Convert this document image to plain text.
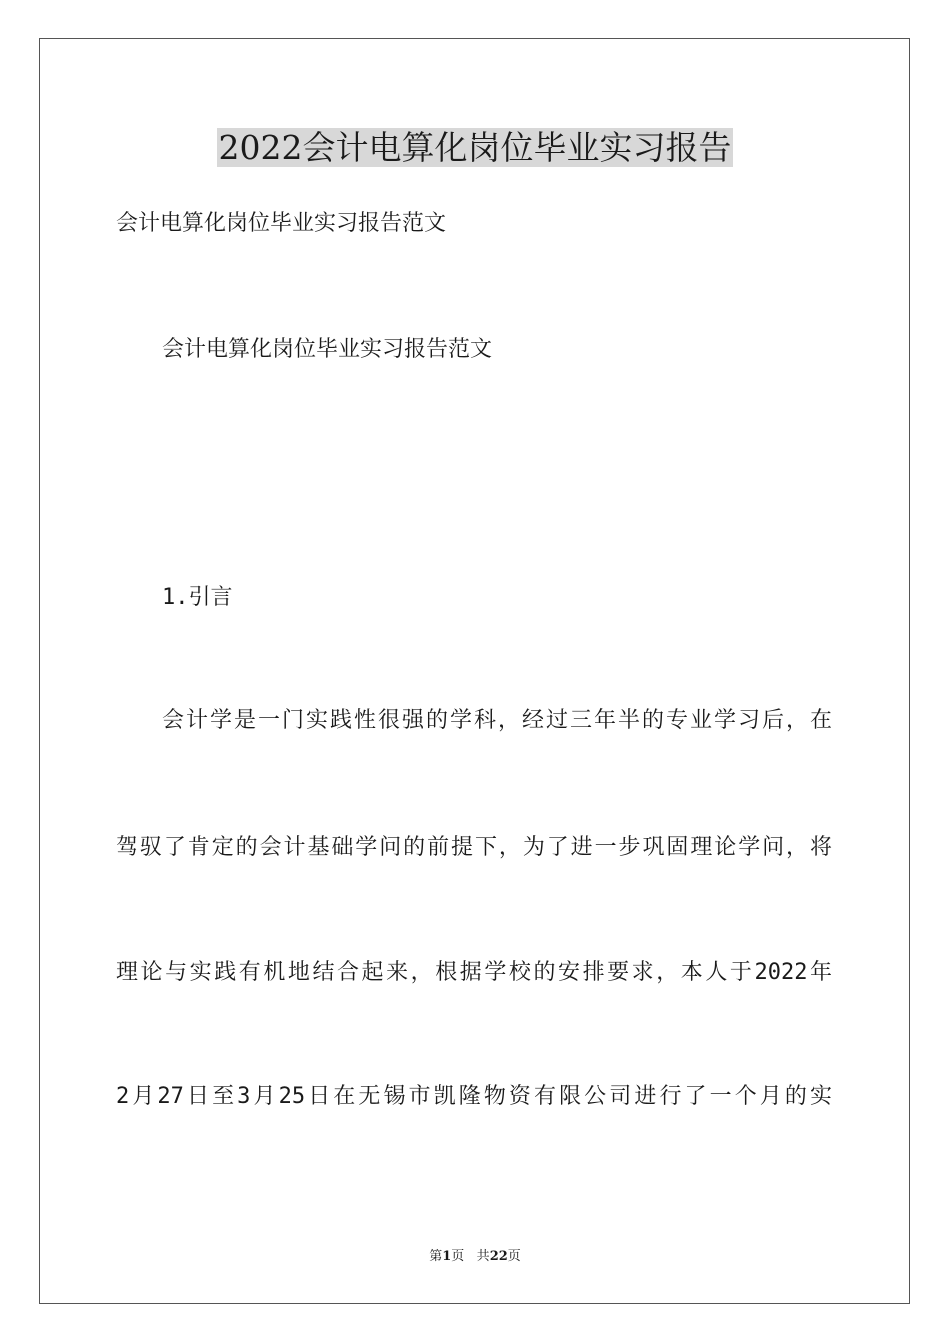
2022会计电算化岗位毕业实习报告
会计电算化岗位毕业实习报告范文
会计电算化岗位毕业实习报告范文
1.引言
会计学是一门实践性很强的学科，经过三年半的专业学习后，在
驾驭了肯定的会计基础学问的前提下，为了进一步巩固理论学问，将
理论与实践有机地结合起来，根据学校的安排要求，本人于2022年
2月27日至3月25日在无锡市凯隆物资有限公司进行了一个月的实
第1页 共22页
